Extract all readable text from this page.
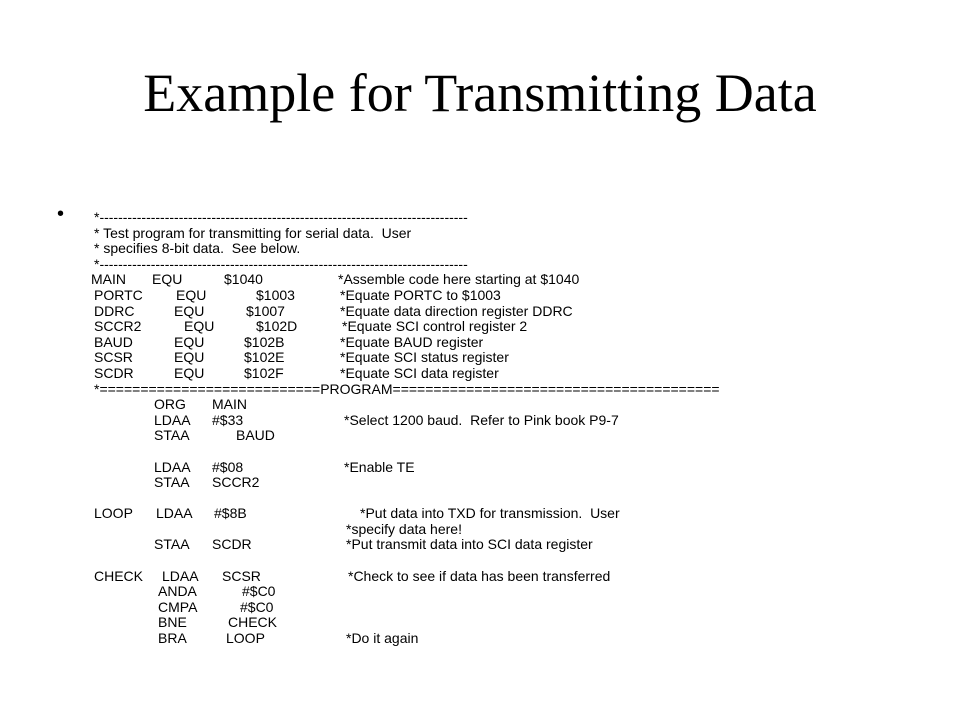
Example for Transmitting Data
• *-------------------------------------------------------------------------------
* Test program for transmitting for serial data.  User
* specifies 8-bit data.  See below.
*-------------------------------------------------------------------------------
MAIN EQU	$1040	*Assemble code here starting at $1040
PORTC EQU	$1003	*Equate PORTC to $1003
DDRC	EQU	$1007	*Equate data direction register DDRC
SCCR2	EQU	$102D	*Equate SCI control register 2
BAUD	EQU	$102B	*Equate BAUD register
SCSR	EQU	$102E	*Equate SCI status register
SCDR	EQU	$102F	*Equate SCI data register
*===========================PROGRAM========================================
ORG MAIN
LDAA #$33	*Select 1200 baud.  Refer to Pink book P9-7
STAA	BAUD
LDAA #$08	*Enable TE
STAA SCCR2
LOOP LDAA #$8B	*Put data into TXD for transmission.  User
*specify data here!
STAA SCDR	*Put transmit data into SCI data register
CHECK LDAA SCSR	*Check to see if data has been transferred
ANDA	#$C0
CMPA	#$C0
BNE	CHECK
BRA	LOOP	*Do it again
